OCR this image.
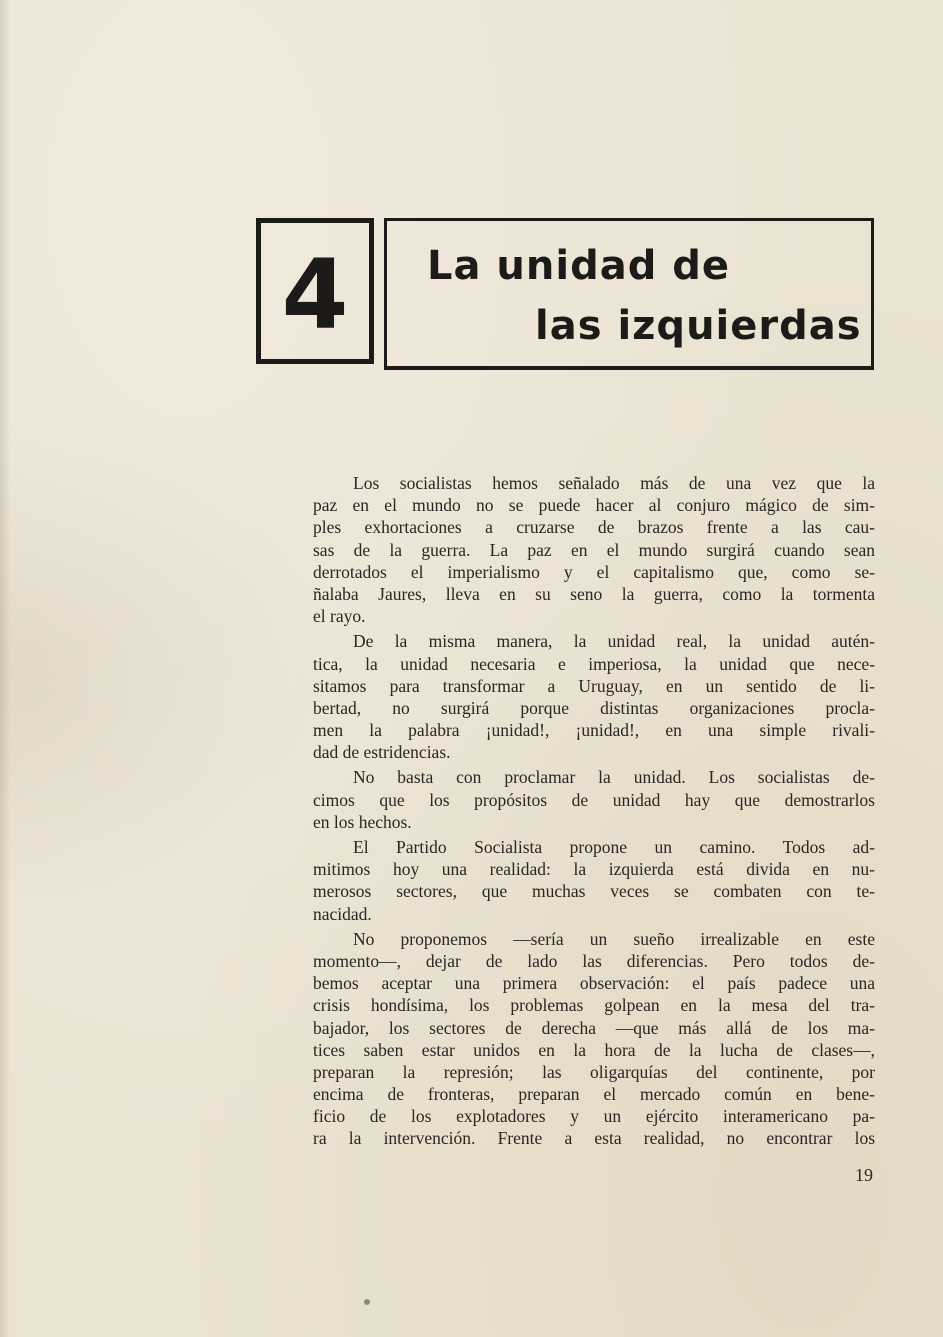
4 La unidad de
las izquierdas
Los socialistas hemos señalado más de una vez que la
paz en el mundo no se puede hacer al conjuro mágico de sim-
ples exhortaciones a cruzarse de brazos frente a las cau-
sas de la guerra. La paz en el mundo surgirá cuando sean
derrotados el imperialismo y el capitalismo que, como se-
ñalaba Jaures, lleva en su seno la guerra, como la tormenta
el rayo.
De la misma manera, la unidad real, la unidad autén-
tica, la unidad necesaria e imperiosa, la unidad que nece-
sitamos para transformar a Uruguay, en un sentido de li-
bertad, no surgirá porque distintas organizaciones procla-
men la palabra ¡unidad!, ¡unidad!, en una simple rivali-
dad de estridencias.
No basta con proclamar la unidad. Los socialistas de-
cimos que los propósitos de unidad hay que demostrarlos
en los hechos.
El Partido Socialista propone un camino. Todos ad-
mitimos hoy una realidad: la izquierda está divida en nu-
merosos sectores, que muchas veces se combaten con te-
nacidad.
No proponemos —sería un sueño irrealizable en este
momento—, dejar de lado las diferencias. Pero todos de-
bemos aceptar una primera observación: el país padece una
crisis hondísima, los problemas golpean en la mesa del tra-
bajador, los sectores de derecha —que más allá de los ma-
tices saben estar unidos en la hora de la lucha de clases—,
preparan la represión; las oligarquías del continente, por
encima de fronteras, preparan el mercado común en bene-
ficio de los explotadores y un ejército interamericano pa-
ra la intervención. Frente a esta realidad, no encontrar los
19
